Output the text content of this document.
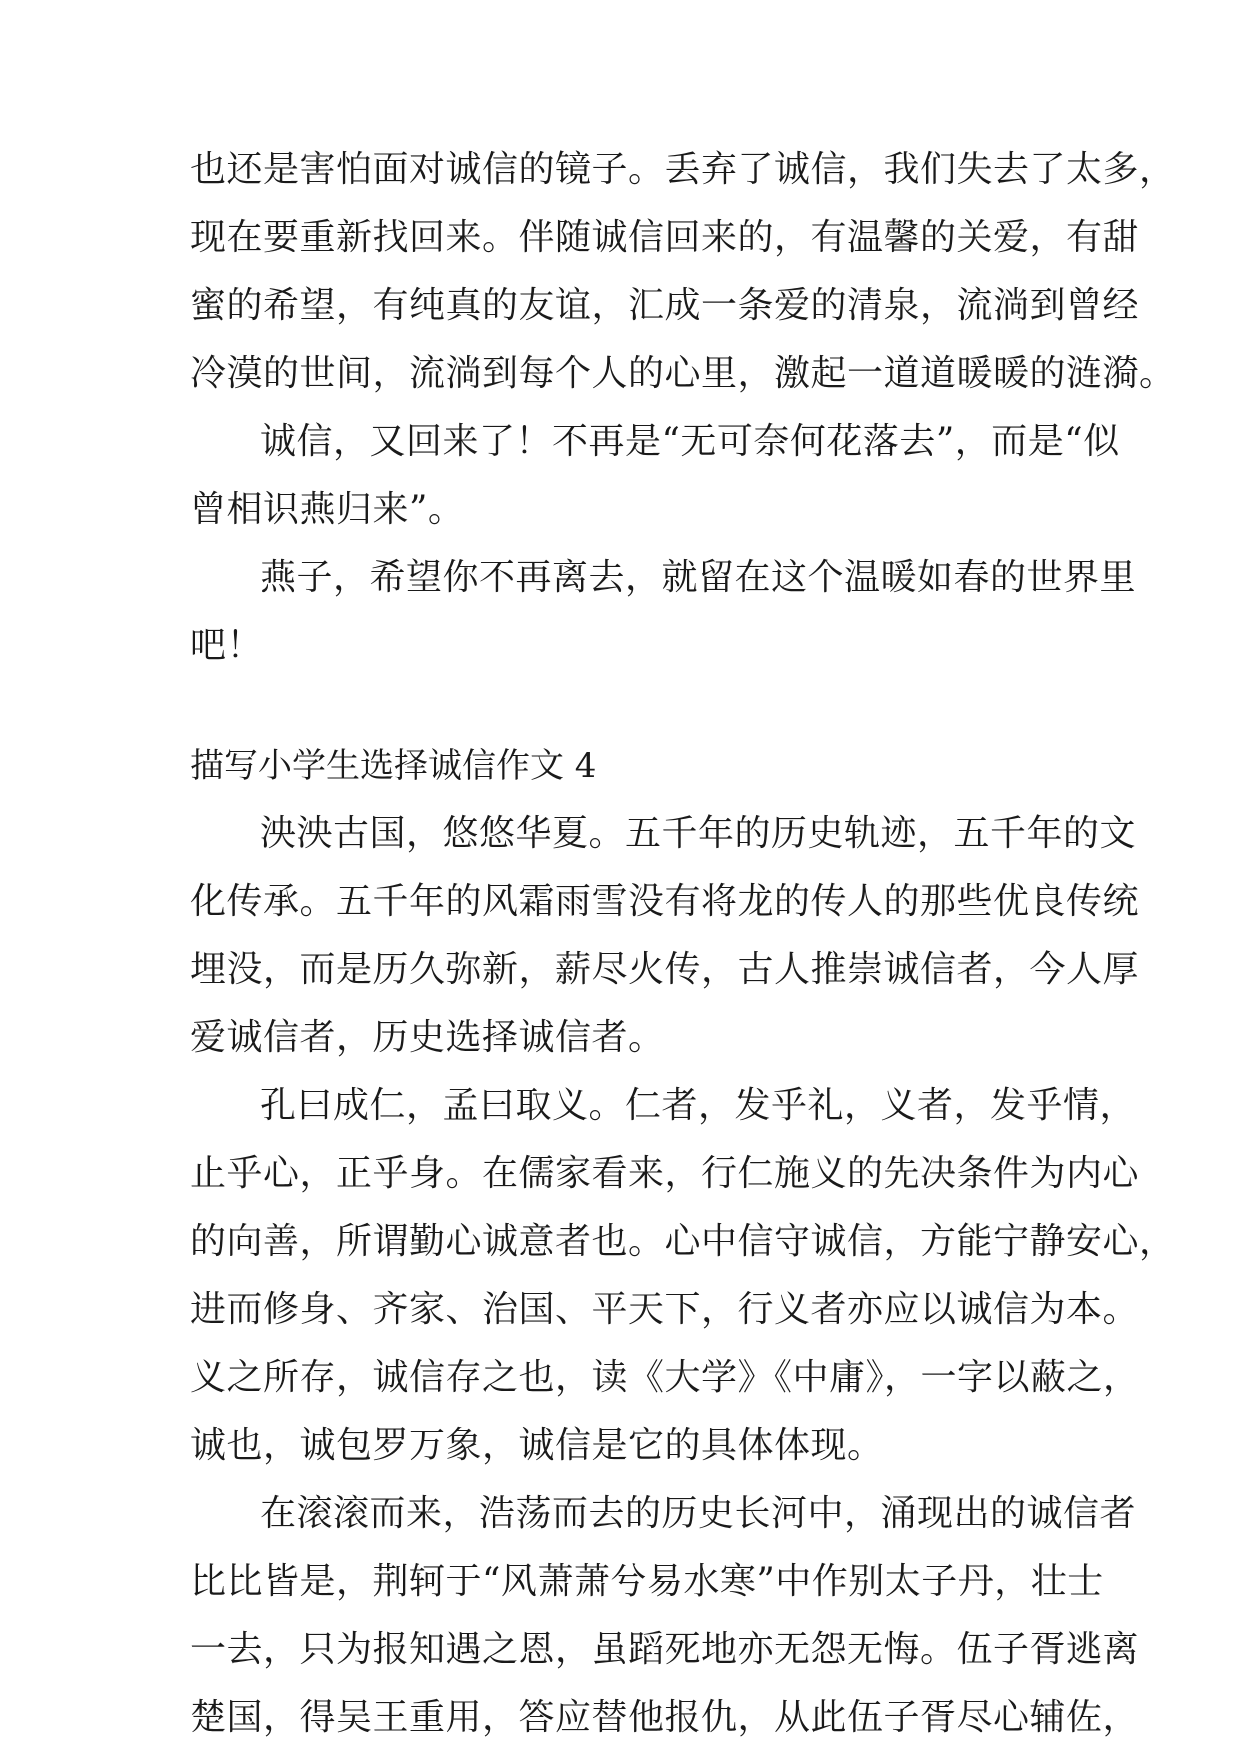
也还是害怕面对诚信的镜子。丢弃了诚信，我们失去了太多，
现在要重新找回来。伴随诚信回来的，有温馨的关爱，有甜
蜜的希望，有纯真的友谊，汇成一条爱的清泉，流淌到曾经
冷漠的世间，流淌到每个人的心里，激起一道道暖暖的涟漪。
诚信，又回来了！不再是“无可奈何花落去”，而是“似
曾相识燕归来”。
燕子，希望你不再离去，就留在这个温暖如春的世界里
吧！
描写小学生选择诚信作文 4
泱泱古国，悠悠华夏。五千年的历史轨迹，五千年的文
化传承。五千年的风霜雨雪没有将龙的传人的那些优良传统
埋没，而是历久弥新，薪尽火传，古人推崇诚信者，今人厚
爱诚信者，历史选择诚信者。
孔曰成仁，孟曰取义。仁者，发乎礼，义者，发乎情，
止乎心，正乎身。在儒家看来，行仁施义的先决条件为内心
的向善，所谓勤心诚意者也。心中信守诚信，方能宁静安心，
进而修身、齐家、治国、平天下，行义者亦应以诚信为本。
义之所存，诚信存之也，读《大学》《中庸》，一字以蔽之，
诚也，诚包罗万象，诚信是它的具体体现。
在滚滚而来，浩荡而去的历史长河中，涌现出的诚信者
比比皆是，荆轲于“风萧萧兮易水寒”中作别太子丹，壮士
一去，只为报知遇之恩，虽蹈死地亦无怨无悔。伍子胥逃离
楚国，得吴王重用，答应替他报仇，从此伍子胥尽心辅佐，
